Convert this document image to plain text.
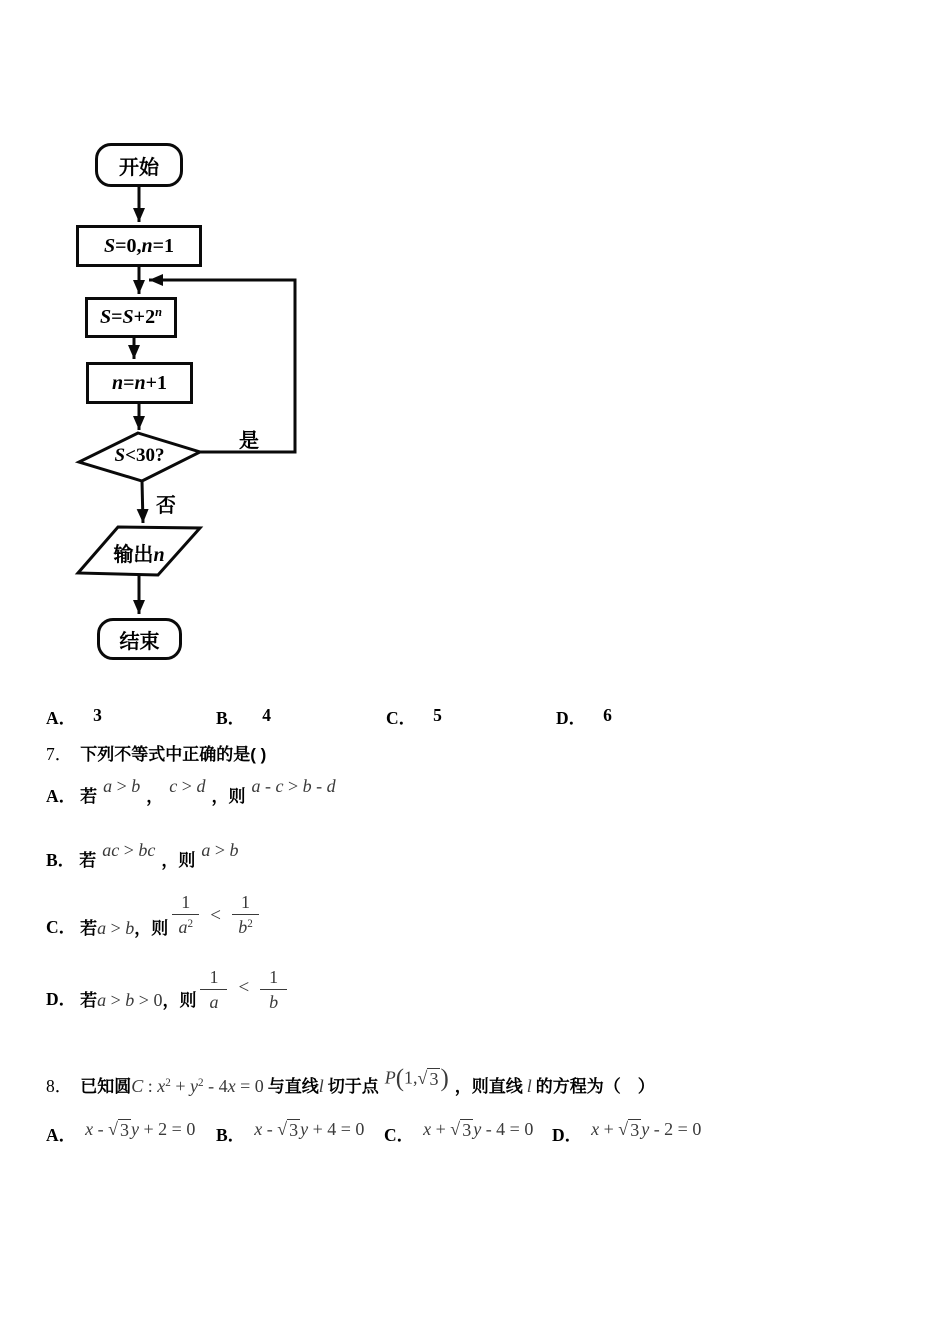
开始
S=0,n=1
$S=S+2^n$
n=n+1
S<30?
是
否
输出n
结束
A． 3	B． 4	C． 5	D． 6
7． 下列不等式中正确的是( )
A． 若a > b，c > d，则a - c > b - d
B． 若ac > bc，则a > b
C． 若 a > b ，则 $\frac{1}{a^2} < \frac{1}{b^2}$
D． 若 a > b > 0 ，则 $\frac{1}{a} < \frac{1}{b}$
8． 已知圆C : $x^2 + y^2 - 4x = 0$ 与直线l 切于点 P(1, √ 3 ) ，则直线 l 的方程为（　）
A． x - √ 3 y + 2 = 0 B． x - √ 3 y + 4 = 0 C． x + √ 3 y - 4 = 0 D． x + √ 3 y - 2 = 0
